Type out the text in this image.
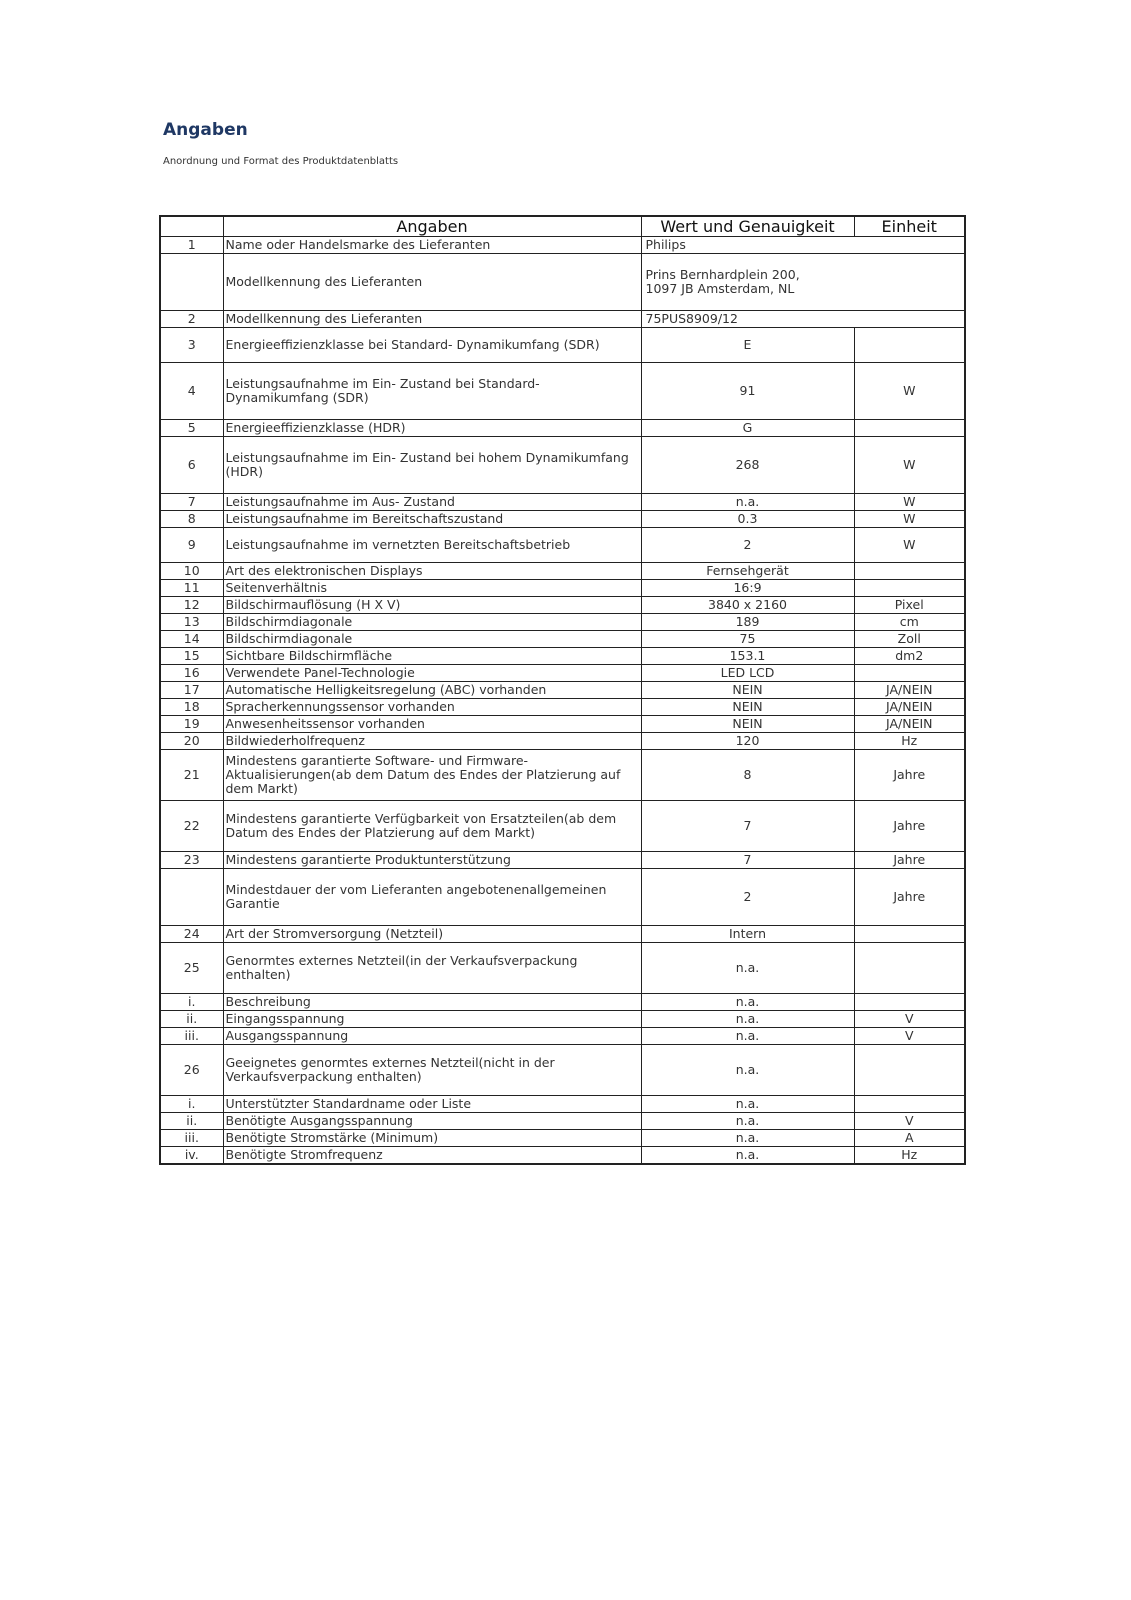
Angaben
Anordnung und Format des Produktdatenblatts
	Angaben	Wert und Genauigkeit	Einheit
1	Name oder Handelsmarke des Lieferanten	Philips	
	Modellkennung des Lieferanten	Prins Bernhardplein 200,
1097 JB Amsterdam, NL	
2	Modellkennung des Lieferanten	75PUS8909/12	
3	Energieeffizienzklasse bei Standard- Dynamikumfang (SDR)	E	
4	Leistungsaufnahme im Ein- Zustand bei Standard-Dynamikumfang (SDR)	91	W
5	Energieeffizienzklasse (HDR)	G	
6	Leistungsaufnahme im Ein- Zustand bei hohem Dynamikumfang (HDR)	268	W
7	Leistungsaufnahme im Aus- Zustand	n.a.	W
8	Leistungsaufnahme im Bereitschaftszustand	0.3	W
9	Leistungsaufnahme im vernetzten Bereitschaftsbetrieb	2	W
10	Art des elektronischen Displays	Fernsehgerät	
11	Seitenverhältnis	16:9	
12	Bildschirmauflösung (H X V)	3840 x 2160	Pixel
13	Bildschirmdiagonale	189	cm
14	Bildschirmdiagonale	75	Zoll
15	Sichtbare Bildschirmfläche	153.1	dm2
16	Verwendete Panel-Technologie	LED LCD	
17	Automatische Helligkeitsregelung (ABC) vorhanden	NEIN	JA/NEIN
18	Spracherkennungssensor vorhanden	NEIN	JA/NEIN
19	Anwesenheitssensor vorhanden	NEIN	JA/NEIN
20	Bildwiederholfrequenz	120	Hz
21	Mindestens garantierte Software- und Firmware-Aktualisierungen(ab dem Datum des Endes der Platzierung auf dem Markt)	8	Jahre
22	Mindestens garantierte Verfügbarkeit von Ersatzteilen(ab dem Datum des Endes der Platzierung auf dem Markt)	7	Jahre
23	Mindestens garantierte Produktunterstützung	7	Jahre
	Mindestdauer der vom Lieferanten angebotenenallgemeinen Garantie	2	Jahre
24	Art der Stromversorgung (Netzteil)	Intern	
25	Genormtes externes Netzteil(in der Verkaufsverpackung enthalten)	n.a.	
i.	Beschreibung	n.a.	
ii.	Eingangsspannung	n.a.	V
iii.	Ausgangsspannung	n.a.	V
26	Geeignetes genormtes externes Netzteil(nicht in der Verkaufsverpackung enthalten)	n.a.	
i.	Unterstützter Standardname oder Liste	n.a.	
ii.	Benötigte Ausgangsspannung	n.a.	V
iii.	Benötigte Stromstärke (Minimum)	n.a.	A
iv.	Benötigte Stromfrequenz	n.a.	Hz
